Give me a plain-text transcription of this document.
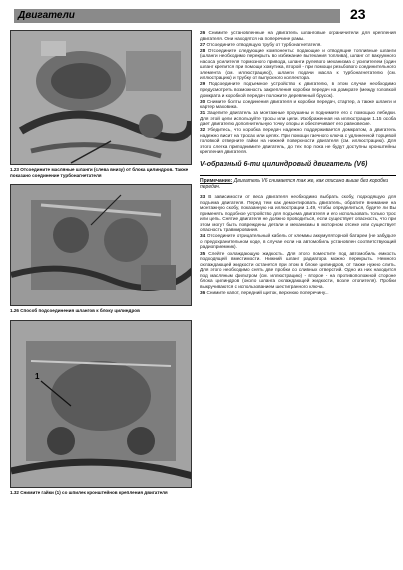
Двигатели	23
1.23 Отсоедините масляные шланги (слева внизу) от блока цилиндров. Также показано соединение турбонагнетателя
1.26 Способ подсоединения шлангов к блоку цилиндров
1
1.32 Снимите гайки (1) со шпилек кронштейнов крепления двигателя

26 Снимите установленные на двигатель шланговые ограничители для крепления двигателя. Они находятся на поперечине рамы.

27 Отсоедините отводящую трубу от турбонагнетателя.

28 Отсоедините следующие компоненты: подающие и отводящие топливные шланги (шланги необходимо перекрыть во избежание вытекания топлива), шланг от вакуумного насоса усилителя тормозного привода, шланги рулевого механизма с усилителем (один шланг крепится при помощи хомутика, второй - при помощи резьбового соединительного элемента (см. иллюстрацию)), шланги подачи масла к турбонагнетателю (см. иллюстрацию) и трубку от выпускного коллектора.

29 Подсоедините подъемное устройство к двигателю, в этом случае необходимо предусмотреть возможность закрепления коробки передач на домкрате (между головкой домкрата и коробкой передач положите деревянный брусок).

30 Снимите болты соединения двигателя и коробки передач, стартер, а также шланги и картер маховика.

31 Зацепите двигатель за монтажные проушины и поднимите его с помощью лебедки. Для этой цели используйте тросы или цепи. Изображенная на иллюстрации 1.15 особа дает двигателю дополнительную точку опоры и обеспечивает его равновесие.

32 Убедитесь, что коробка передач надежно поддерживается домкратом, а двигатель надежно висит на тросах или цепях. При помощи гаечного ключа с удлиненной торцевой головкой отверните гайки на нижней поверхности двигателя (см. иллюстрацию). Для этого слегка приподнимите двигатель, до тех пор пока не будут доступны кронштейны крепления двигателя.

V-образный 6-ти цилиндровый двигатель (V6)

Примечание: Двигатель V6 снимается так же, как описано выше без коробки передач.

33 В зависимости от веса двигателя необходимо выбрать скобу, подходящую для подъема двигателя. Перед тем как демонтировать двигатель, обратите внимание на монтажную скобу, показанную на иллюстрации 1.49, чтобы определиться, будете ли Вы применять подобное устройство для подъема двигателя и его использовать только трос или цепь. Снятие двигателя не должно проводиться, если существует опасность, что при этом могут быть повреждены детали и механизмы в моторном отсеке или существует опасность травмирования.

34 Отсоедините отрицательный кабель от клеммы аккумуляторной батареи (не забудьте о предохранительном коде, в случае если на автомобиль установлен соответствующий радиоприемник).

35 Слейте охлаждающую жидкость. Для этого поместите под автомобиль емкость подходящей вместимости. Нижний шланг радиатора можно перекрыть. Немного охлаждающей жидкости останется при этом в блоке цилиндров, от также нужно слить. Для этого необходимо снять две пробки со сливных отверстий. Одно из них находится под масляным фильтром (см. иллюстрацию) - второе - на противоположной стороне блока цилиндров (около шланга охлаждающей жидкости, возле отопителя). Пробки выкручиваются с использованием шестигранного ключа.

36 Снимите капот, передний щиток, верхнюю поперечину...
